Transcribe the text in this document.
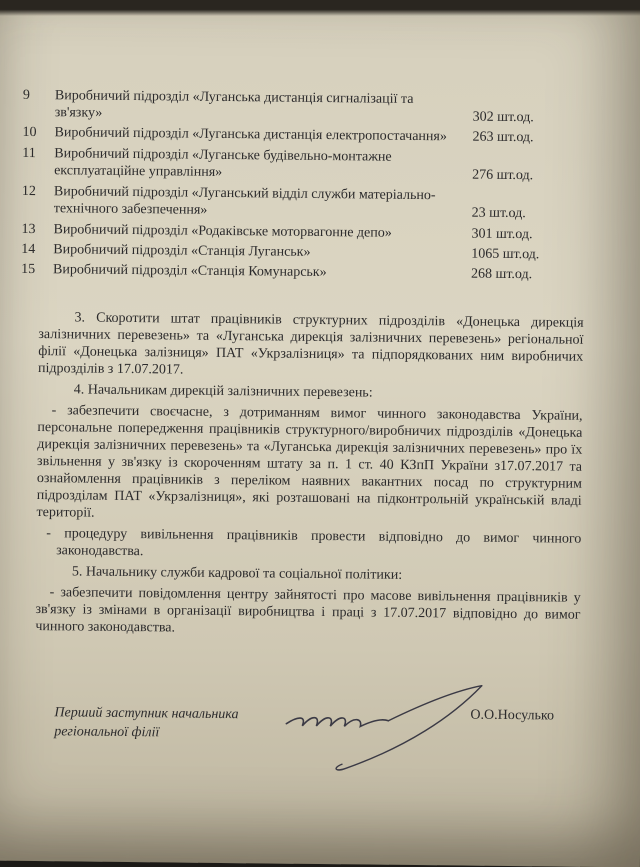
9	Виробничий підрозділ «Луганська дистанція сигналізації та зв'язку»	302 шт.од.
10	Виробничий підрозділ «Луганська дистанція електропостачання»	263 шт.од.
11	Виробничий підрозділ «Луганське будівельно-монтажне експлуатаційне управління»	276 шт.од.
12	Виробничий підрозділ «Луганський відділ служби матеріально-технічного забезпечення»	23 шт.од.
13	Виробничий підрозділ «Родаківське моторвагонне депо»	301 шт.од.
14	Виробничий підрозділ «Станція Луганськ»	1065 шт.од.
15	Виробничий підрозділ «Станція Комунарськ»	268 шт.од.

3. Скоротити штат працівників структурних підрозділів «Донецька дирекція залізничних перевезень» та «Луганська дирекція залізничних перевезень» регіональної філії «Донецька залізниця» ПАТ «Укрзалізниця» та підпорядкованих ним виробничих підрозділів з 17.07.2017.

4. Начальникам дирекцій залізничних перевезень:

- забезпечити своєчасне, з дотриманням вимог чинного законодавства України, персональне попередження працівників структурного/виробничих підрозділів «Донецька дирекція залізничних перевезень» та «Луганська дирекція залізничних перевезень» про їх звільнення у зв'язку із скороченням штату за п. 1 ст. 40 КЗпП України з17.07.2017 та ознайомлення працівників з переліком наявних вакантних посад по структурним підрозділам ПАТ «Укрзалізниця», які розташовані на підконтрольній українській владі території.

- процедуру вивільнення працівників провести відповідно до вимог чинного законодавства.

5. Начальнику служби кадрової та соціальної політики:

- забезпечити повідомлення центру зайнятості про масове вивільнення працівників у зв'язку із змінами в організації виробництва і праці з 17.07.2017 відповідно до вимог чинного законодавства.

Перший заступник начальника
регіональної філії
О.О.Носулько
